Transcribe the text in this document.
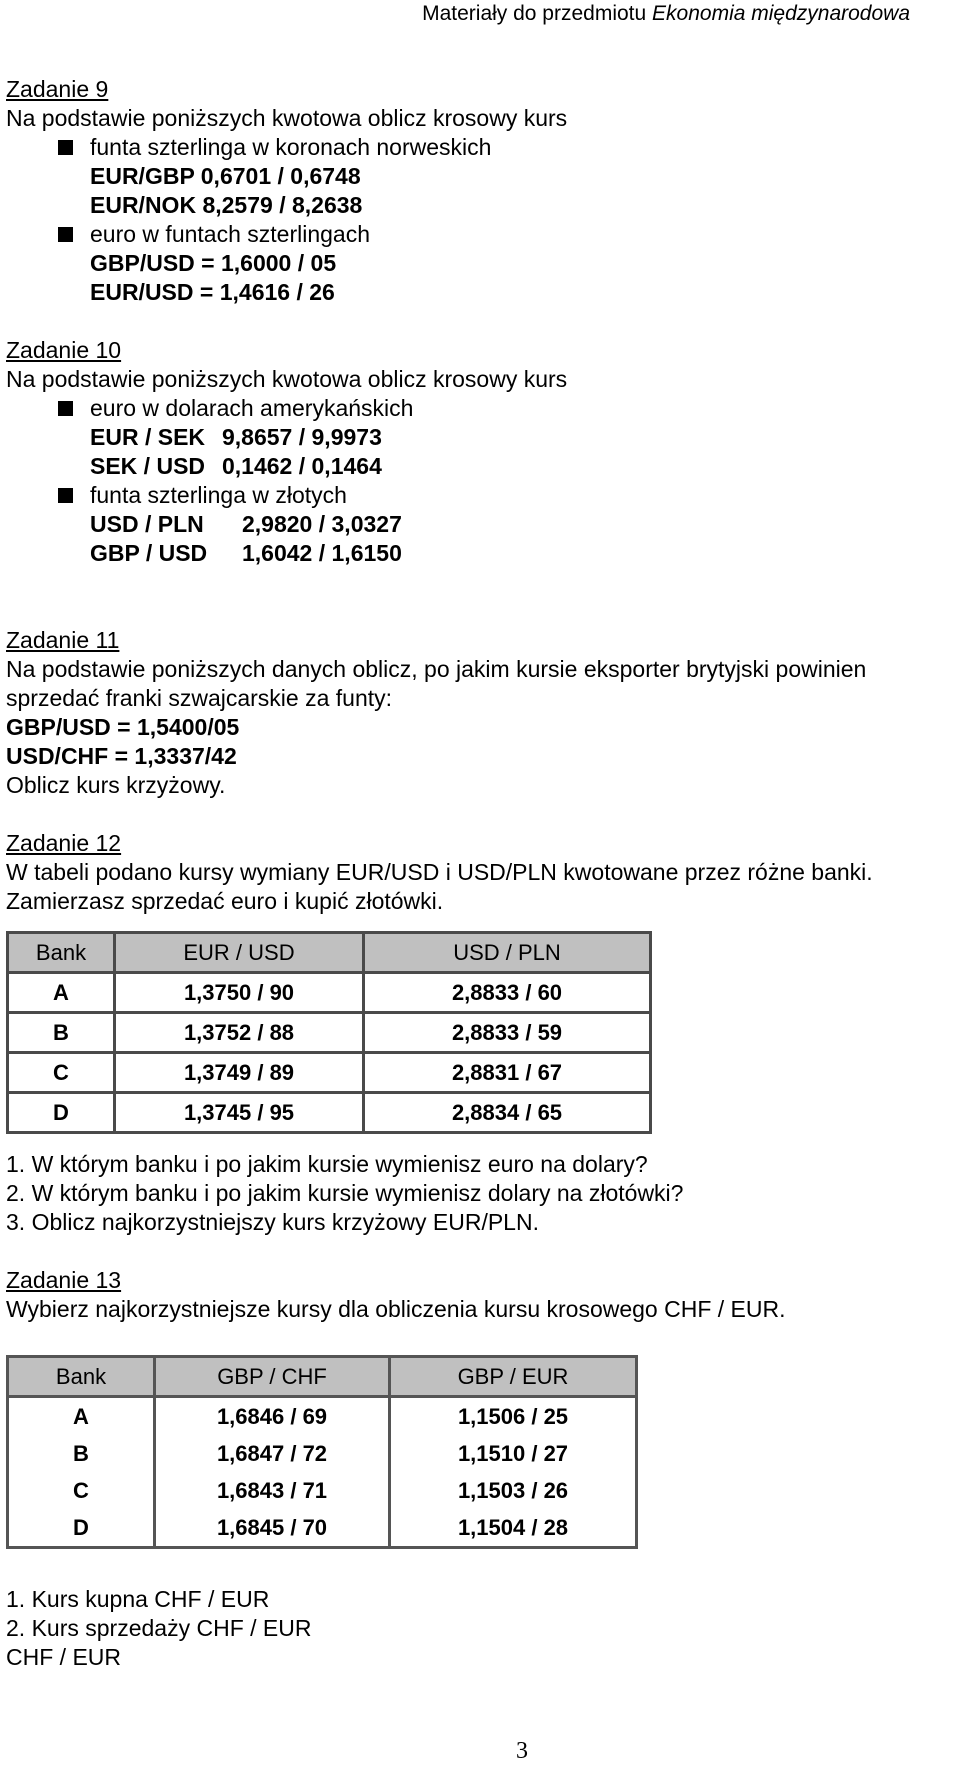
Materiały do przedmiotu Ekonomia międzynarodowa
Zadanie 9
Na podstawie poniższych kwotowa oblicz krosowy kurs
funta szterlinga w koronach norweskich
EUR/GBP 0,6701 / 0,6748
EUR/NOK 8,2579 / 8,2638
euro w funtach szterlingach
GBP/USD = 1,6000 / 05
EUR/USD = 1,4616 / 26
Zadanie 10
Na podstawie poniższych kwotowa oblicz krosowy kurs
euro w dolarach amerykańskich
EUR / SEK 9,8657 / 9,9973
SEK / USD 0,1462 / 0,1464
funta szterlinga w złotych
USD / PLN 2,9820 / 3,0327
GBP / USD 1,6042 / 1,6150
Zadanie 11
Na podstawie poniższych danych oblicz, po jakim kursie eksporter brytyjski powinien
sprzedać franki szwajcarskie za funty:
GBP/USD = 1,5400/05
USD/CHF = 1,3337/42
Oblicz kurs krzyżowy.
Zadanie 12
W tabeli podano kursy wymiany EUR/USD i USD/PLN kwotowane przez różne banki.
Zamierzasz sprzedać euro i kupić złotówki.
Bank	EUR / USD	USD / PLN
A	1,3750 / 90	2,8833 / 60
B	1,3752 / 88	2,8833 / 59
C	1,3749 / 89	2,8831 / 67
D	1,3745 / 95	2,8834 / 65
1. W którym banku i po jakim kursie wymienisz euro na dolary?
2. W którym banku i po jakim kursie wymienisz dolary na złotówki?
3. Oblicz najkorzystniejszy kurs krzyżowy EUR/PLN.
Zadanie 13
Wybierz najkorzystniejsze kursy dla obliczenia kursu krosowego CHF / EUR.
Bank	GBP / CHF	GBP / EUR
A	1,6846 / 69	1,1506 / 25
B	1,6847 / 72	1,1510 / 27
C	1,6843 / 71	1,1503 / 26
D	1,6845 / 70	1,1504 / 28
1. Kurs kupna CHF / EUR
2. Kurs sprzedaży CHF / EUR
CHF / EUR
3
